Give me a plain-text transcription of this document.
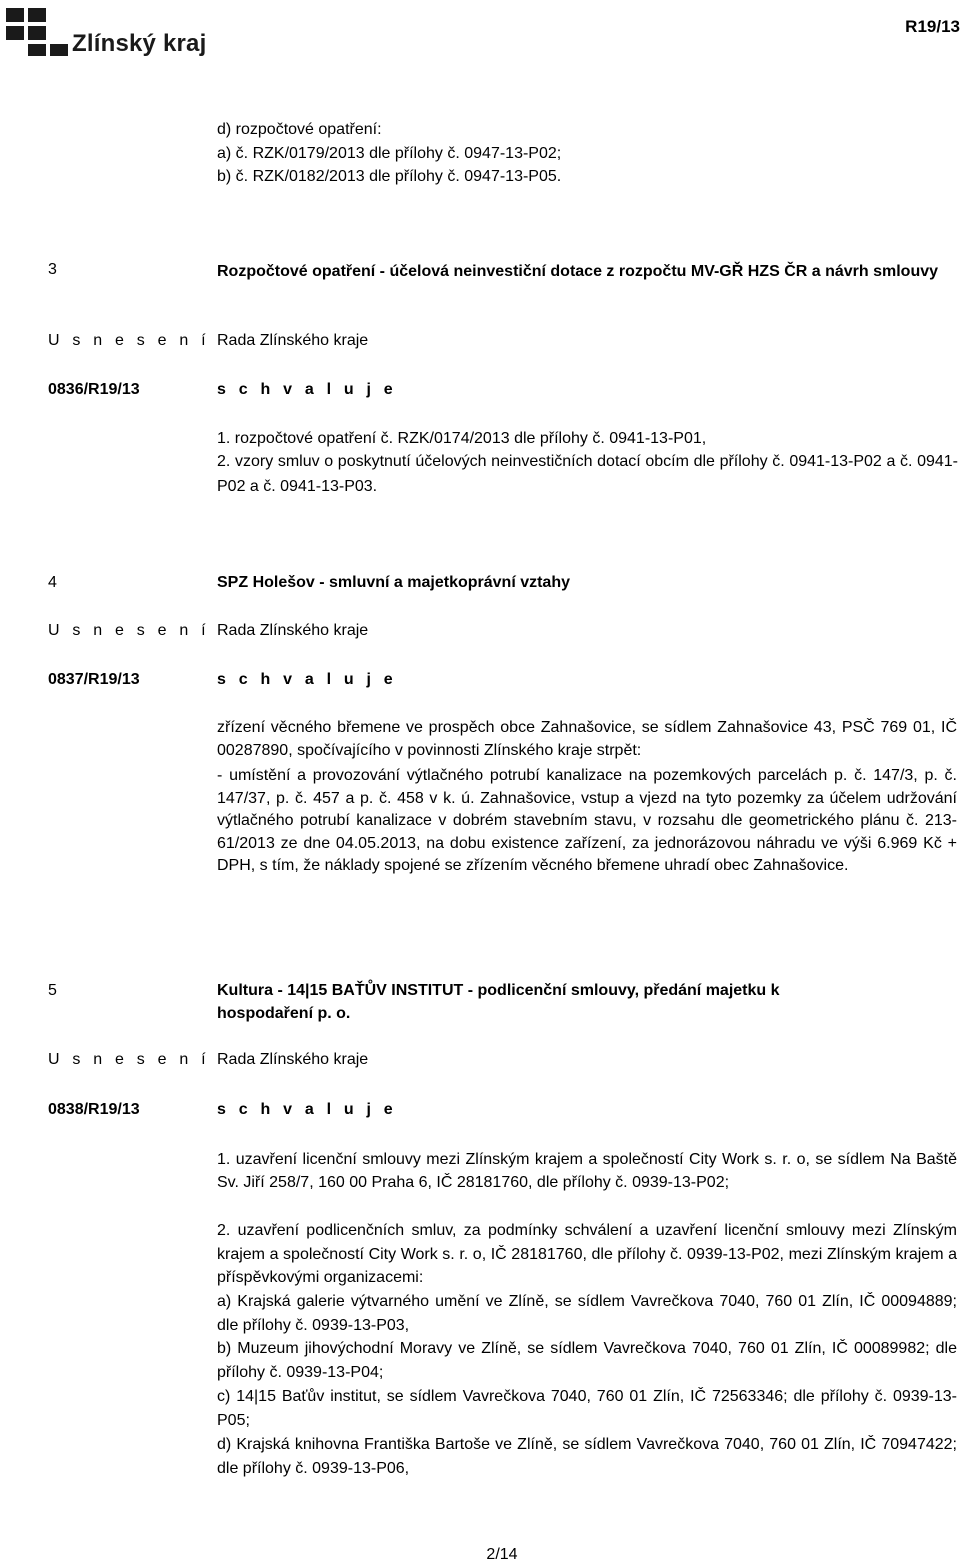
Zlínský kraj
R19/13
d) rozpočtové opatření:
a) č. RZK/0179/2013 dle přílohy č. 0947-13-P02;
b) č. RZK/0182/2013 dle přílohy č. 0947-13-P05.
3	Rozpočtové opatření - účelová neinvestiční dotace z rozpočtu MV-GŘ HZS ČR a návrh smlouvy
U s n e s e n í Rada Zlínského kraje
0836/R19/13	s c h v a l u j e
1. rozpočtové opatření č. RZK/0174/2013 dle přílohy č. 0941-13-P01,
2. vzory smluv o poskytnutí účelových neinvestičních dotací obcím dle přílohy č. 0941-13-P02 a č. 0941-
P02 a č. 0941-13-P03.
4	SPZ Holešov - smluvní a majetkoprávní vztahy
U s n e s e n í Rada Zlínského kraje
0837/R19/13	s c h v a l u j e
zřízení věcného břemene ve prospěch obce Zahnašovice, se sídlem Zahnašovice 43, PSČ 769 01, IČ 00287890, spočívajícího v povinnosti Zlínského kraje strpět:
- umístění a provozování výtlačného potrubí kanalizace na pozemkových parcelách p. č. 147/3, p. č. 147/37, p. č. 457 a p. č. 458 v k. ú. Zahnašovice, vstup a vjezd na tyto pozemky za účelem udržování výtlačného potrubí kanalizace v dobrém stavebním stavu, v rozsahu dle geometrického plánu č. 213-61/2013 ze dne 04.05.2013, na dobu existence zařízení, za jednorázovou náhradu ve výši 6.969 Kč + DPH, s tím, že náklady spojené se zřízením věcného břemene uhradí obec Zahnašovice.
5	Kultura - 14|15 BAŤŮV INSTITUT - podlicenční smlouvy, předání majetku k hospodaření p. o.
U s n e s e n í Rada Zlínského kraje
0838/R19/13	s c h v a l u j e
1. uzavření licenční smlouvy mezi Zlínským krajem a společností City Work s. r. o, se sídlem Na Baště Sv. Jiří 258/7, 160 00 Praha 6, IČ 28181760, dle přílohy č. 0939-13-P02;
2. uzavření podlicenčních smluv, za podmínky schválení a uzavření licenční smlouvy mezi Zlínským krajem a společností City Work s. r. o, IČ 28181760, dle přílohy č. 0939-13-P02, mezi Zlínským krajem a příspěvkovými organizacemi:
a) Krajská galerie výtvarného umění ve Zlíně, se sídlem Vavrečkova 7040, 760 01 Zlín, IČ 00094889; dle přílohy č. 0939-13-P03,
b) Muzeum jihovýchodní Moravy ve Zlíně, se sídlem Vavrečkova 7040, 760 01 Zlín, IČ 00089982; dle přílohy č. 0939-13-P04;
c) 14|15 Baťův institut, se sídlem Vavrečkova 7040, 760 01 Zlín, IČ 72563346; dle přílohy č. 0939-13-P05;
d) Krajská knihovna Františka Bartoše ve Zlíně, se sídlem Vavrečkova 7040, 760 01 Zlín, IČ 70947422; dle přílohy č. 0939-13-P06,
2/14
